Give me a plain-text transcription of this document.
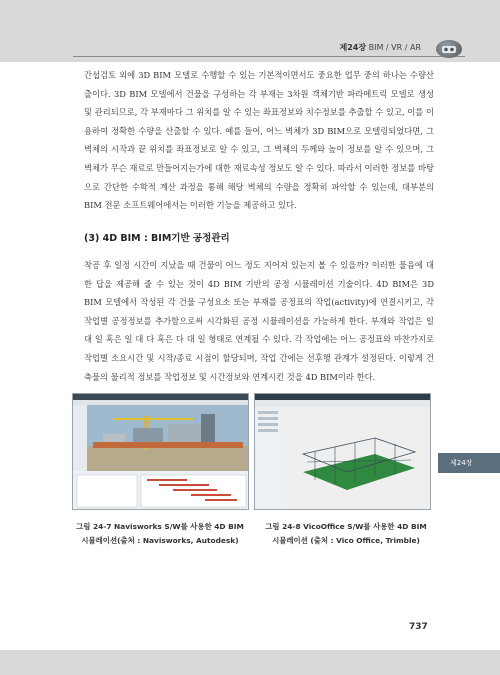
제24장 BIM / VR / AR

간섭검토 외에 3D BIM 모델로 수행할 수 있는 기본적이면서도 중요한 업무 중의 하나는 수량산출이다. 3D BIM 모델에서 건물을 구성하는 각 부재는 3차원 객체기반 파라메트릭 모델로 생성 및 관리되므로, 각 부재마다 그 위치를 알 수 있는 좌표정보와 치수정보를 추출할 수 있고, 이를 이용하여 정확한 수량을 산출할 수 있다. 예를 들어, 어느 벽체가 3D BIM으로 모델링되었다면, 그 벽체의 시작과 끝 위치를 좌표정보로 알 수 있고, 그 벽체의 두께와 높이 정보를 알 수 있으며, 그 벽체가 무슨 재료로 만들어지는가에 대한 재료속성 정보도 알 수 있다. 따라서 이러한 정보를 바탕으로 간단한 수학적 계산 과정을 통해 해당 벽체의 수량을 정확히 파악할 수 있는데, 대부분의 BIM 전문 소프트웨어에서는 이러한 기능을 제공하고 있다.

(3) 4D BIM : BIM기반 공정관리

착공 후 일정 시간이 지났을 때 건물이 어느 정도 지어져 있는지 볼 수 있을까? 이러한 물음에 대한 답을 제공해 줄 수 있는 것이 4D BIM 기반의 공정 시뮬레이션 기술이다. 4D BIM은 3D BIM 모델에서 작성된 각 건물 구성요소 또는 부재를 공정표의 작업(activity)에 연결시키고, 각 작업별 공정정보를 추가함으로써 시각화된 공정 시뮬레이션을 가능하게 한다. 부재와 작업은 일 대 일 혹은 일 대 다 혹은 다 대 일 형태로 연계될 수 있다. 각 작업에는 어느 공정표와 마찬가지로 작업별 소요시간 및 시작/종료 시점이 할당되며, 작업 간에는 선후행 관계가 설정된다. 이렇게 건축물의 물리적 정보를 작업정보 및 시간정보와 연계시킨 것을 4D BIM이라 한다.

제24장
그림 24-7 Navisworks S/W를 사용한 4D BIM
시뮬레이션(출처 : Navisworks, Autodesk)
그림 24-8 VicoOffice S/W를 사용한 4D BIM
시뮬레이션 (출처 : Vico Office, Trimble)
737
